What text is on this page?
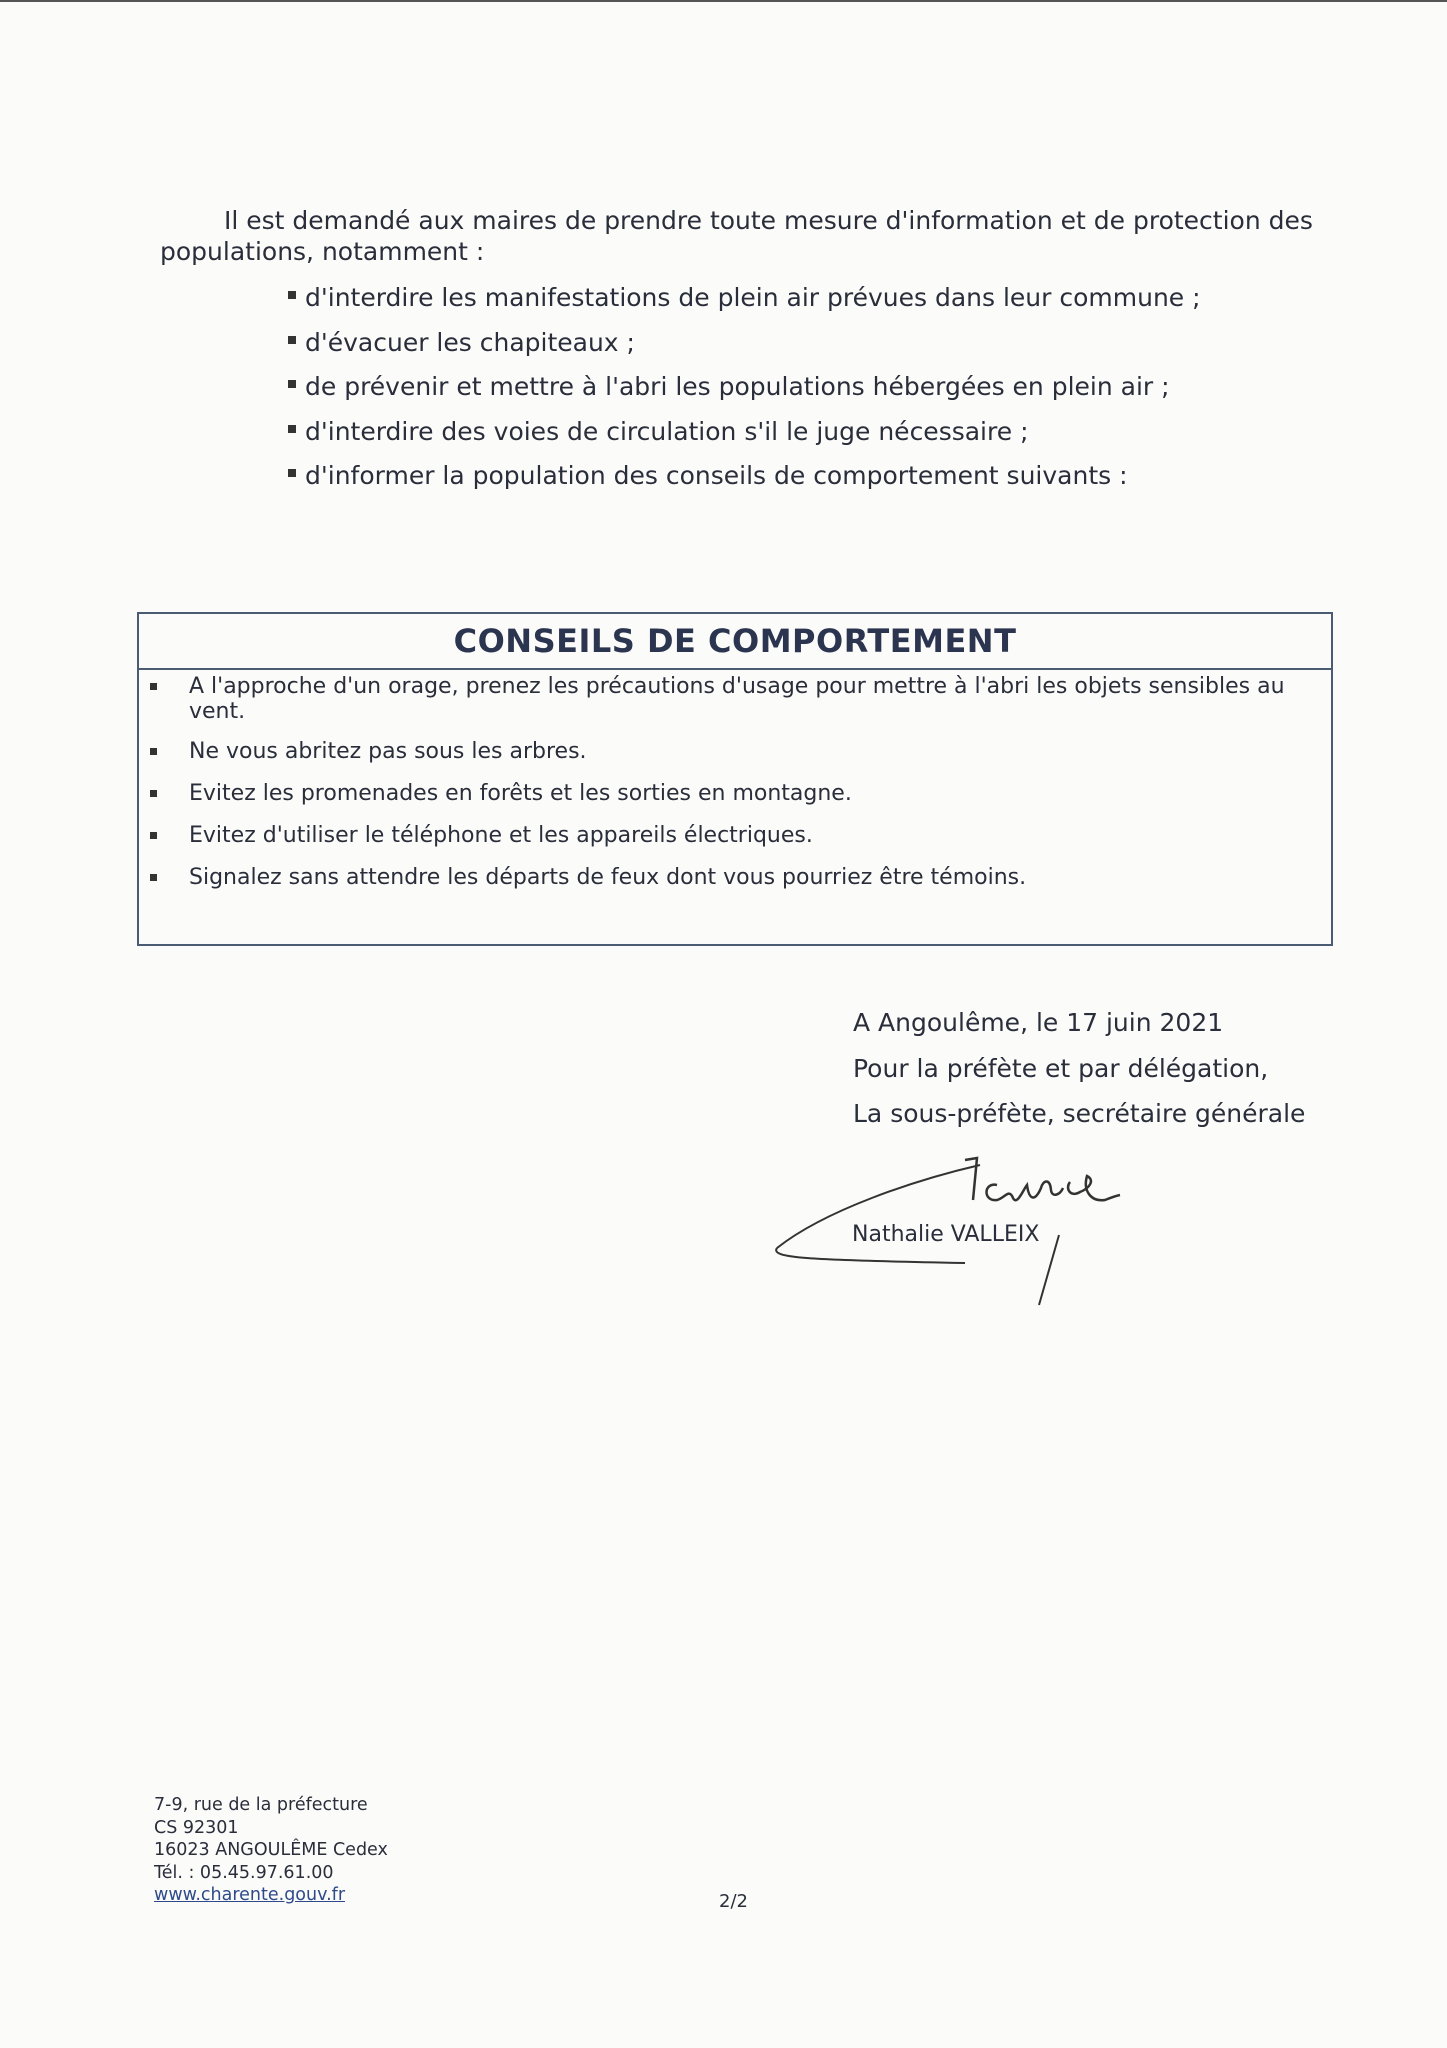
Il est demandé aux maires de prendre toute mesure d'information et de protection des populations, notamment :

d'interdire les manifestations de plein air prévues dans leur commune ;
d'évacuer les chapiteaux ;
de prévenir et mettre à l'abri les populations hébergées en plein air ;
d'interdire des voies de circulation s'il le juge nécessaire ;
d'informer la population des conseils de comportement suivants :
CONSEILS DE COMPORTEMENT
A l'approche d'un orage, prenez les précautions d'usage pour mettre à l'abri les objets sensibles au vent.
Ne vous abritez pas sous les arbres.
Evitez les promenades en forêts et les sorties en montagne.
Evitez d'utiliser le téléphone et les appareils électriques.
Signalez sans attendre les départs de feux dont vous pourriez être témoins.
A Angoulême, le 17 juin 2021
Pour la préfète et par délégation,
La sous-préfète, secrétaire générale
Nathalie VALLEIX
7-9, rue de la préfecture
CS 92301
16023 ANGOULÊME Cedex
Tél. : 05.45.97.61.00
www.charente.gouv.fr	2/2
